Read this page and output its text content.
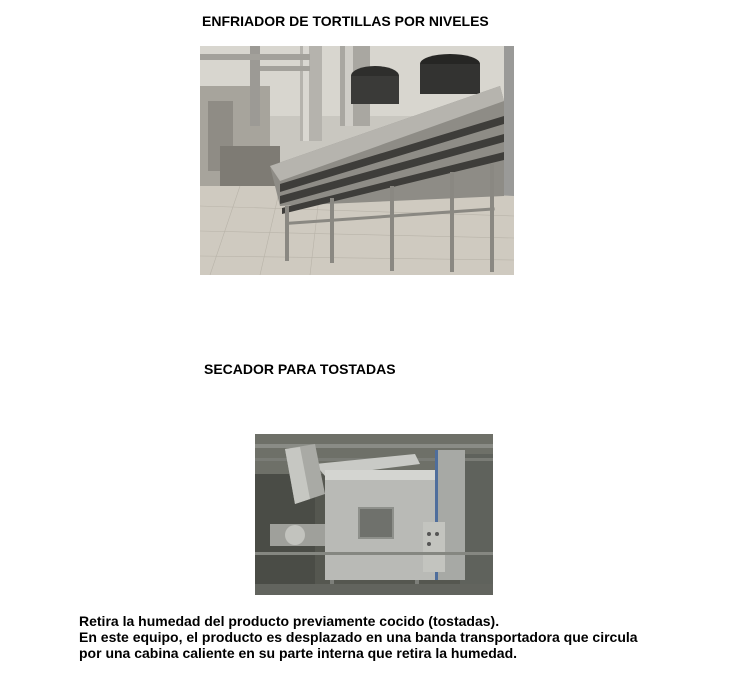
ENFRIADOR DE TORTILLAS POR NIVELES
SECADOR PARA TOSTADAS
Retira la humedad del producto previamente cocido (tostadas).
En este equipo, el producto es desplazado en una banda transportadora que circula
por una cabina caliente en su parte interna que retira la humedad.
